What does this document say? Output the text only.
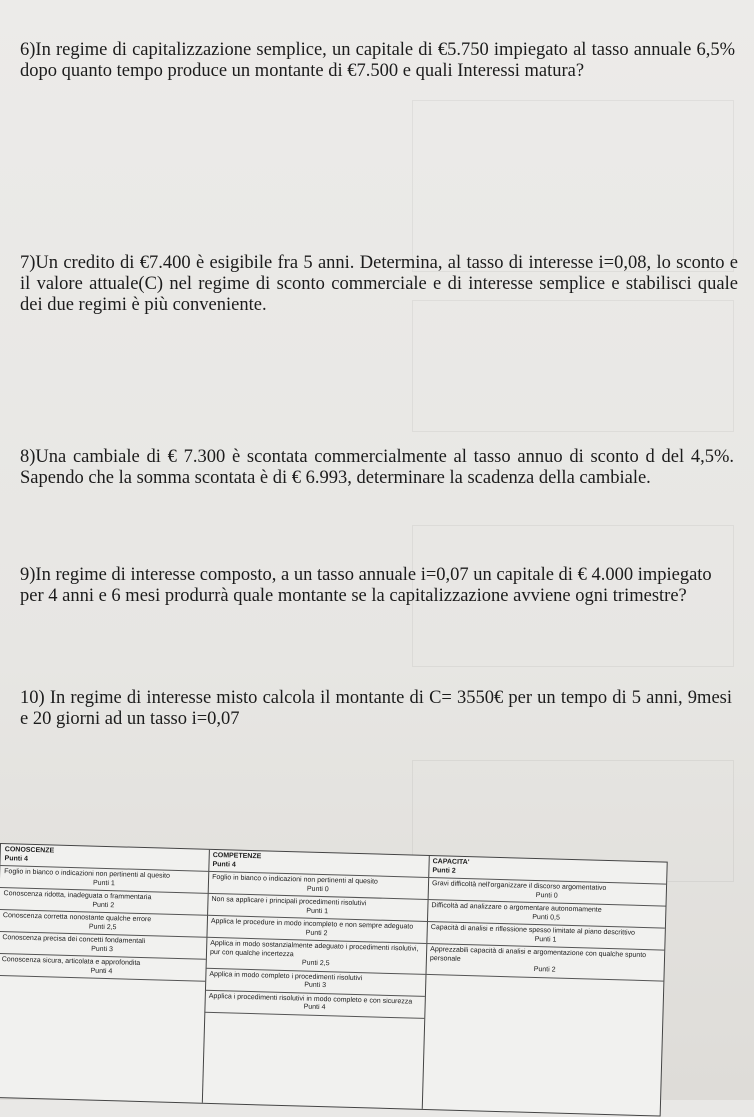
6)In regime di capitalizzazione semplice, un capitale di €5.750 impiegato al tasso annuale 6,5% dopo quanto tempo produce un montante di €7.500 e quali Interessi matura?

7)Un credito di €7.400 è esigibile fra 5 anni. Determina, al tasso di interesse i=0,08, lo sconto e il valore attuale(C) nel regime di sconto commerciale e di interesse semplice e stabilisci quale dei due regimi è più conveniente.

8)Una cambiale di € 7.300 è scontata commercialmente al tasso annuo di sconto d del 4,5%. Sapendo che la somma scontata è di € 6.993, determinare la scadenza della cambiale.

9)In regime di interesse composto, a un tasso annuale i=0,07 un capitale di € 4.000 impiegato per 4 anni e 6 mesi produrrà quale montante se la capitalizzazione avviene ogni trimestre?

10) In regime di interesse misto calcola il montante di C= 3550€ per un tempo di 5 anni, 9mesi e 20 giorni ad un tasso i=0,07

CONOSCENZE
Punti 4
Foglio in bianco o indicazioni non pertinenti al quesito
Punti 1
Conoscenza ridotta, inadeguata o frammentaria
Punti 2
Conoscenza corretta nonostante qualche errore
Punti 2,5
Conoscenza precisa dei concetti fondamentali
Punti 3
Conoscenza sicura, articolata e approfondita
Punti 4
COMPETENZE
Punti 4
Foglio in bianco o indicazioni non pertinenti al quesito
Punti 0
Non sa applicare i principali procedimenti risolutivi
Punti 1
Applica le procedure in modo incompleto e non sempre adeguato
Punti 2
Applica in modo sostanzialmente adeguato i procedimenti risolutivi, pur con qualche incertezza
Punti 2,5
Applica in modo completo i procedimenti risolutivi
Punti 3
Applica i procedimenti risolutivi in modo completo e con sicurezza
Punti 4
CAPACITA'
Punti 2
Gravi difficoltà nell'organizzare il discorso argomentativo
Punti 0
Difficoltà ad analizzare o argomentare autonomamente
Punti 0,5
Capacità di analisi e riflessione spesso limitate al piano descrittivo
Punti 1
Apprezzabili capacità di analisi e argomentazione con qualche spunto personale
Punti 2
